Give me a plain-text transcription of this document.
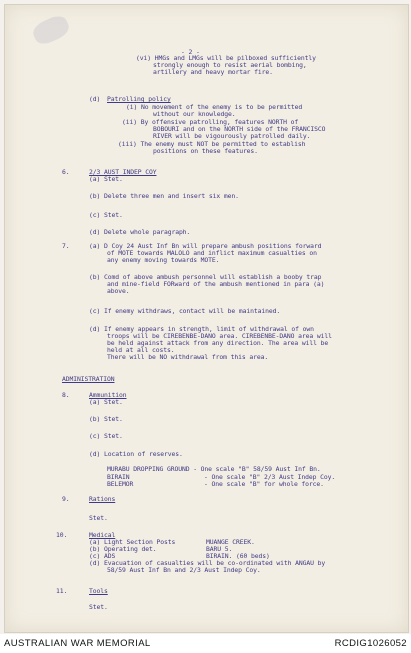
- 2 -
(vi) HMGs and LMGs will be pilboxed sufficiently
strongly enough to resist aerial bombing,
artillery and heavy mortar fire.
(d) Patrolling policy
(i) No movement of the enemy is to be permitted
without our knowledge.
(ii) By offensive patrolling, features NORTH of
BOBOURI and on the NORTH side of the FRANCISCO
RIVER will be vigourously patrolled daily.
(iii) The enemy must NOT be permitted to establish
positions on these features.
6.	2/3 AUST INDEP COY
(a) Stet.
(b) Delete three men and insert six men.
(c) Stet.
(d) Delete whole paragraph.
7.	(a) D Coy 24 Aust Inf Bn will prepare ambush positions forward
of MOTE towards MALOLO and inflict maximum casualties on
any enemy moving towards MOTE.
(b) Comd of above ambush personnel will establish a booby trap
and mine-field FORward of the ambush mentioned in para (a)
above.
(c) If enemy withdraws, contact will be maintained.
(d) If enemy appears in strength, limit of withdrawal of own
troops will be CIREBENBE-DANO area. CIREBENBE-DANO area will
be held against attack from any direction. The area will be
held at all costs.
There will be NO withdrawal from this area.
ADMINISTRATION
8.	Ammunition
(a) Stet.
(b) Stet.
(c) Stet.
(d) Location of reserves.
MURABU DROPPING GROUND - One scale "B" 58/59 Aust Inf Bn.
BIRAIN	- One scale "B" 2/3 Aust Indep Coy.
BELEMOR	- One scale "B" for whole force.
9.	Rations
Stet.
10.	Medical
(a) Light Section Posts	MUANGE CREEK.
(b) Operating det.	BARU 5.
(c) ADS	BIRAIN. (60 beds)
(d) Evacuation of casualties will be co-ordinated with ANGAU by
58/59 Aust Inf Bn and 2/3 Aust Indep Coy.
11.	Tools
Stet.
AUSTRALIAN WAR MEMORIAL	RCDIG1026052
